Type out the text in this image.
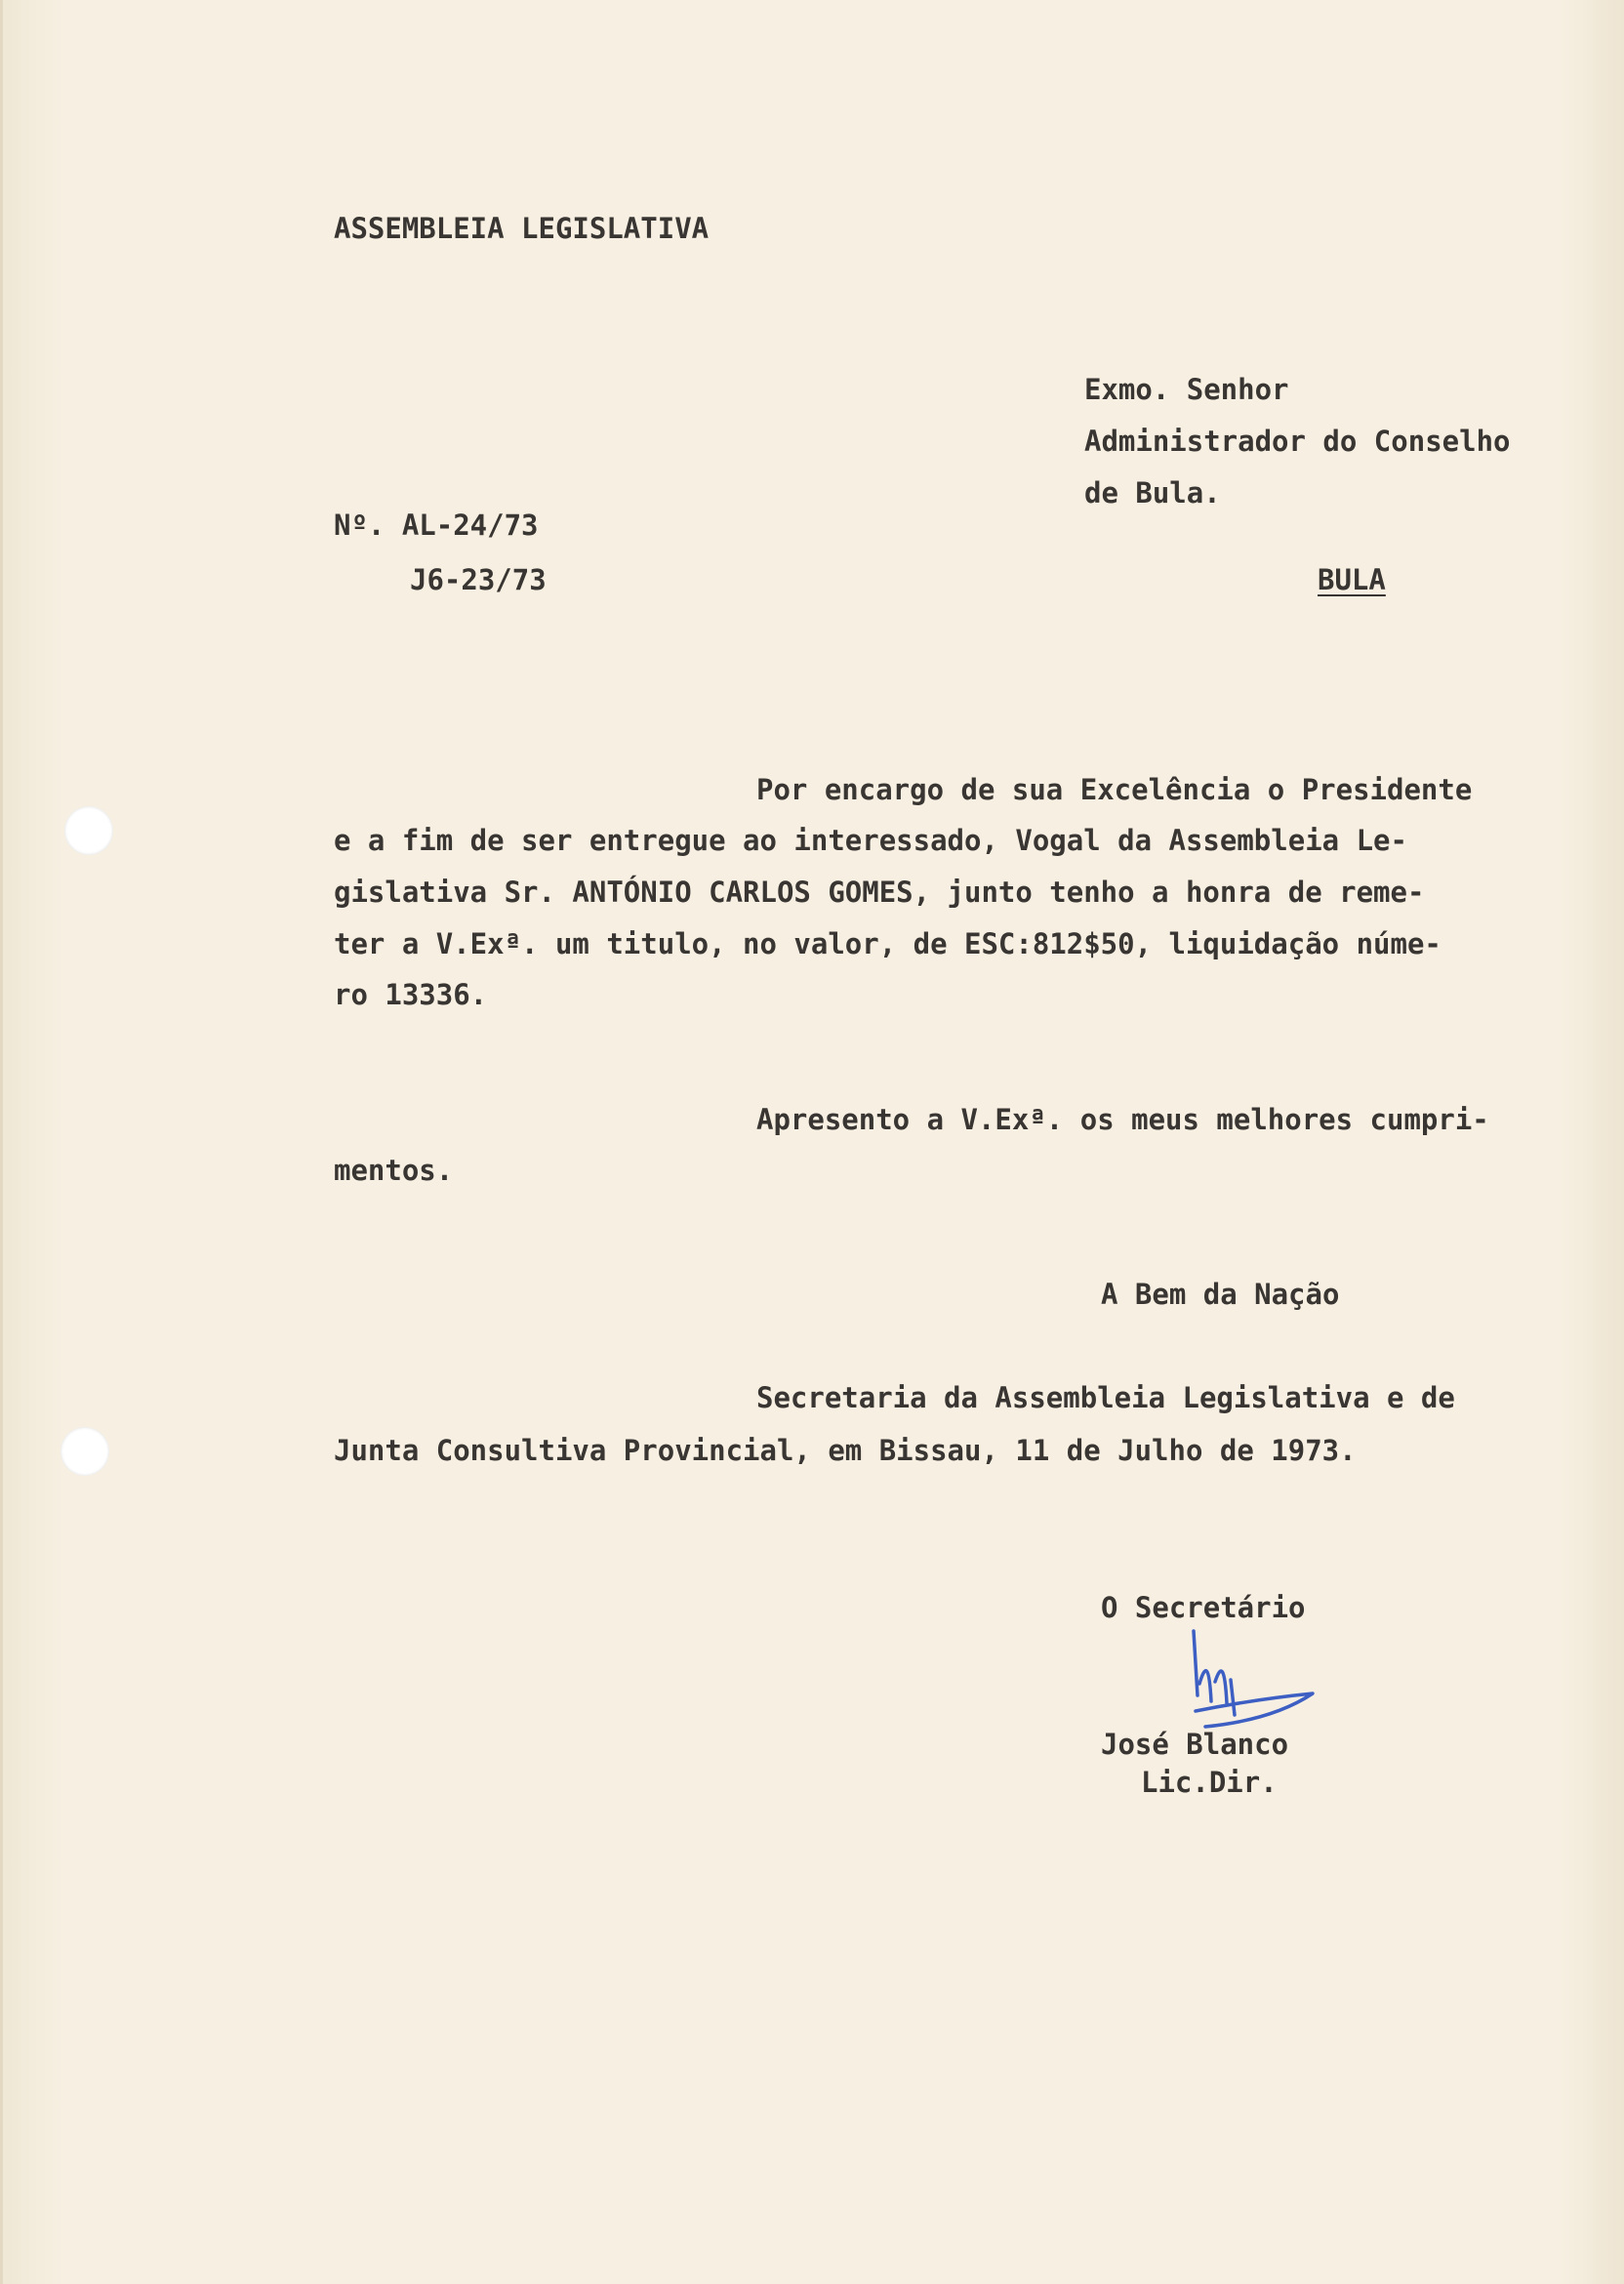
ASSEMBLEIA LEGISLATIVA

Exmo. Senhor

Administrador do Conselho

de Bula.

Nº. AL-24/73

J6-23/73	BULA

Por encargo de sua Excelência o Presidente

e a fim de ser entregue ao interessado, Vogal da Assembleia Le-

gislativa Sr. ANTÓNIO CARLOS GOMES, junto tenho a honra de reme-

ter a V.Exª. um titulo, no valor, de ESC:812$50, liquidação núme-

ro 13336.

Apresento a V.Exª. os meus melhores cumpri-

mentos.

A Bem da Nação

Secretaria da Assembleia Legislativa e de

Junta Consultiva Provincial, em Bissau, 11 de Julho de 1973.

O Secretário

José Blanco

Lic.Dir.
